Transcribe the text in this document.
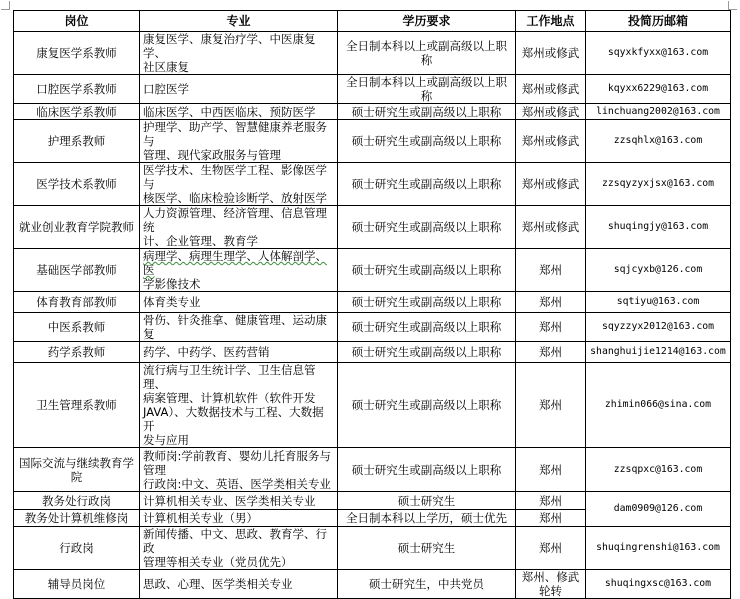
岗位	专业	学历要求	工作地点	投简历邮箱
康复医学系教师	康复医学、康复治疗学、中医康复学、
社区康复	全日制本科以上或副高级以上职称	郑州或修武	sqyxkfyxx@163.com
口腔医学系教师	口腔医学	全日制本科以上或副高级以上职称	郑州或修武	kqyxx6229@163.com
临床医学系教师	临床医学、中西医临床、预防医学	硕士研究生或副高级以上职称	郑州或修武	linchuang2002@163.com
护理系教师	护理学、助产学、智慧健康养老服务与
管理、现代家政服务与管理	硕士研究生或副高级以上职称	郑州或修武	zzsqhlx@163.com
医学技术系教师	医学技术、生物医学工程、影像医学与
核医学、临床检验诊断学、放射医学	硕士研究生或副高级以上职称	郑州或修武	zzsqyzyxjsx@163.com
就业创业教育学院教师	人力资源管理、经济管理、信息管理统
计、企业管理、教育学	硕士研究生或副高级以上职称	郑州或修武	shuqingjy@163.com
基础医学部教师	病理学、病理生理学、人体解剖学、医
学影像技术	硕士研究生或副高级以上职称	郑州	sqjcyxb@126.com
体育教育部教师	体育类专业	硕士研究生或副高级以上职称	郑州	sqtiyu@163.com
中医系教师	骨伤、针灸推拿、健康管理、运动康复	硕士研究生或副高级以上职称	郑州	sqyzzyx2012@163.com
药学系教师	药学、中药学、医药营销	硕士研究生或副高级以上职称	郑州	shanghuijie1214@163.com
卫生管理系教师	流行病与卫生统计学、卫生信息管理、
病案管理、计算机软件（软件开发
JAVA）、大数据技术与工程、大数据开
发与应用	硕士研究生或副高级以上职称	郑州	zhimin066@sina.com
国际交流与继续教育学院	教师岗:学前教育、婴幼儿托育服务与
管理
行政岗:中文、英语、医学类相关专业	硕士研究生或副高级以上职称	郑州	zzsqpxc@163.com
教务处行政岗	计算机相关专业、医学类相关专业	硕士研究生	郑州	dam0909@126.com
教务处计算机维修岗	计算机相关专业（男）	全日制本科以上学历，硕士优先	郑州	
行政岗	新闻传播、中文、思政、教育学、行政
管理等相关专业（党员优先）	硕士研究生	郑州	shuqingrenshi@163.com
辅导员岗位	思政、心理、医学类相关专业	硕士研究生，中共党员	郑州、修武轮转	shuqingxsc@163.com
